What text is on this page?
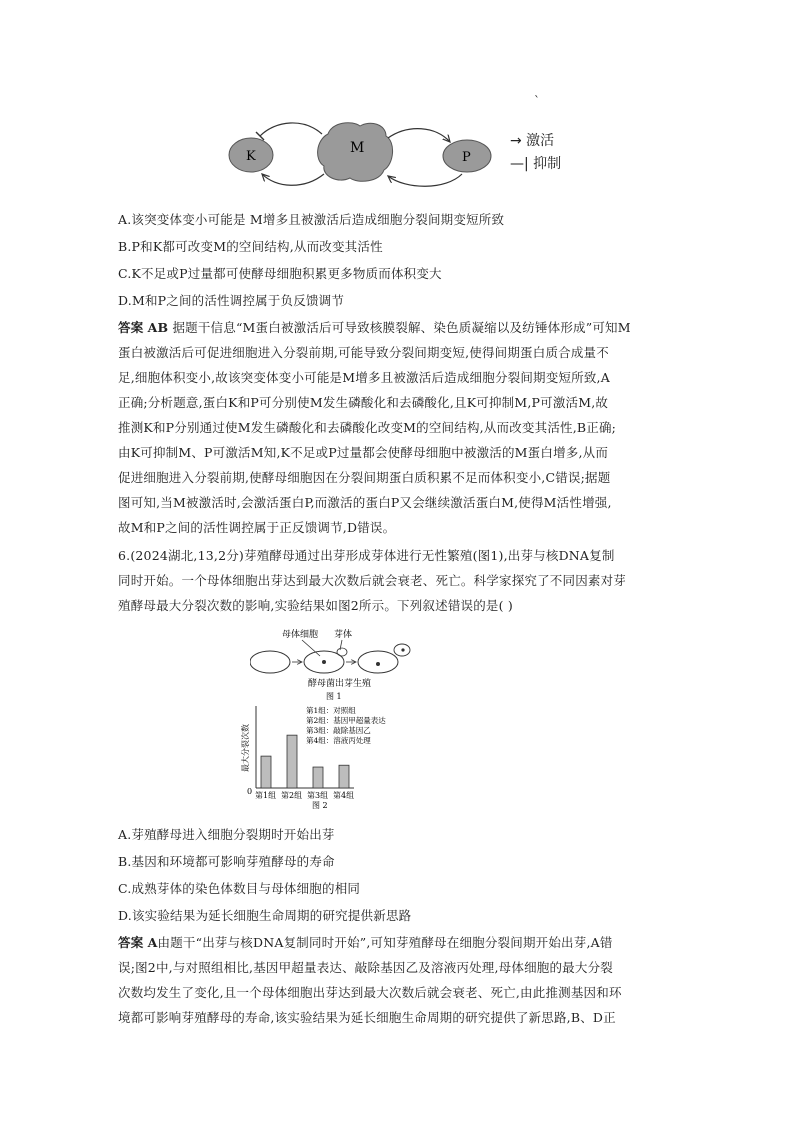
`
K
M
P
→ 激活
—| 抑制
A.该突变体变小可能是 M增多且被激活后造成细胞分裂间期变短所致
B.P和K都可改变M的空间结构,从而改变其活性
C.K不足或P过量都可使酵母细胞积累更多物质而体积变大
D.M和P之间的活性调控属于负反馈调节
答案 AB 据题干信息“M蛋白被激活后可导致核膜裂解、染色质凝缩以及纺锤体形成”可知M
蛋白被激活后可促进细胞进入分裂前期,可能导致分裂间期变短,使得间期蛋白质合成量不
足,细胞体积变小,故该突变体变小可能是M增多且被激活后造成细胞分裂间期变短所致,A
正确;分析题意,蛋白K和P可分别使M发生磷酸化和去磷酸化,且K可抑制M,P可激活M,故
推测K和P分别通过使M发生磷酸化和去磷酸化改变M的空间结构,从而改变其活性,B正确;
由K可抑制M、P可激活M知,K不足或P过量都会使酵母细胞中被激活的M蛋白增多,从而
促进细胞进入分裂前期,使酵母细胞因在分裂间期蛋白质积累不足而体积变小,C错误;据题
图可知,当M被激活时,会激活蛋白P,而激活的蛋白P又会继续激活蛋白M,使得M活性增强,
故M和P之间的活性调控属于正反馈调节,D错误。
6.(2024湖北,13,2分)芽殖酵母通过出芽形成芽体进行无性繁殖(图1),出芽与核DNA复制
同时开始。一个母体细胞出芽达到最大次数后就会衰老、死亡。科学家探究了不同因素对芽
殖酵母最大分裂次数的影响,实验结果如图2所示。下列叙述错误的是( )
母体细胞 芽体
酵母菌出芽生殖
图 1
最大分裂次数
0 第1组 第2组 第3组 第4组
第1组：对照组
第2组：基因甲超量表达
第3组：敲除基因乙
第4组：溶液丙处理
图 2
A.芽殖酵母进入细胞分裂期时开始出芽
B.基因和环境都可影响芽殖酵母的寿命
C.成熟芽体的染色体数目与母体细胞的相同
D.该实验结果为延长细胞生命周期的研究提供新思路
答案 A由题干“出芽与核DNA复制同时开始”,可知芽殖酵母在细胞分裂间期开始出芽,A错
误;图2中,与对照组相比,基因甲超量表达、敲除基因乙及溶液丙处理,母体细胞的最大分裂
次数均发生了变化,且一个母体细胞出芽达到最大次数后就会衰老、死亡,由此推测基因和环
境都可影响芽殖酵母的寿命,该实验结果为延长细胞生命周期的研究提供了新思路,B、D正
